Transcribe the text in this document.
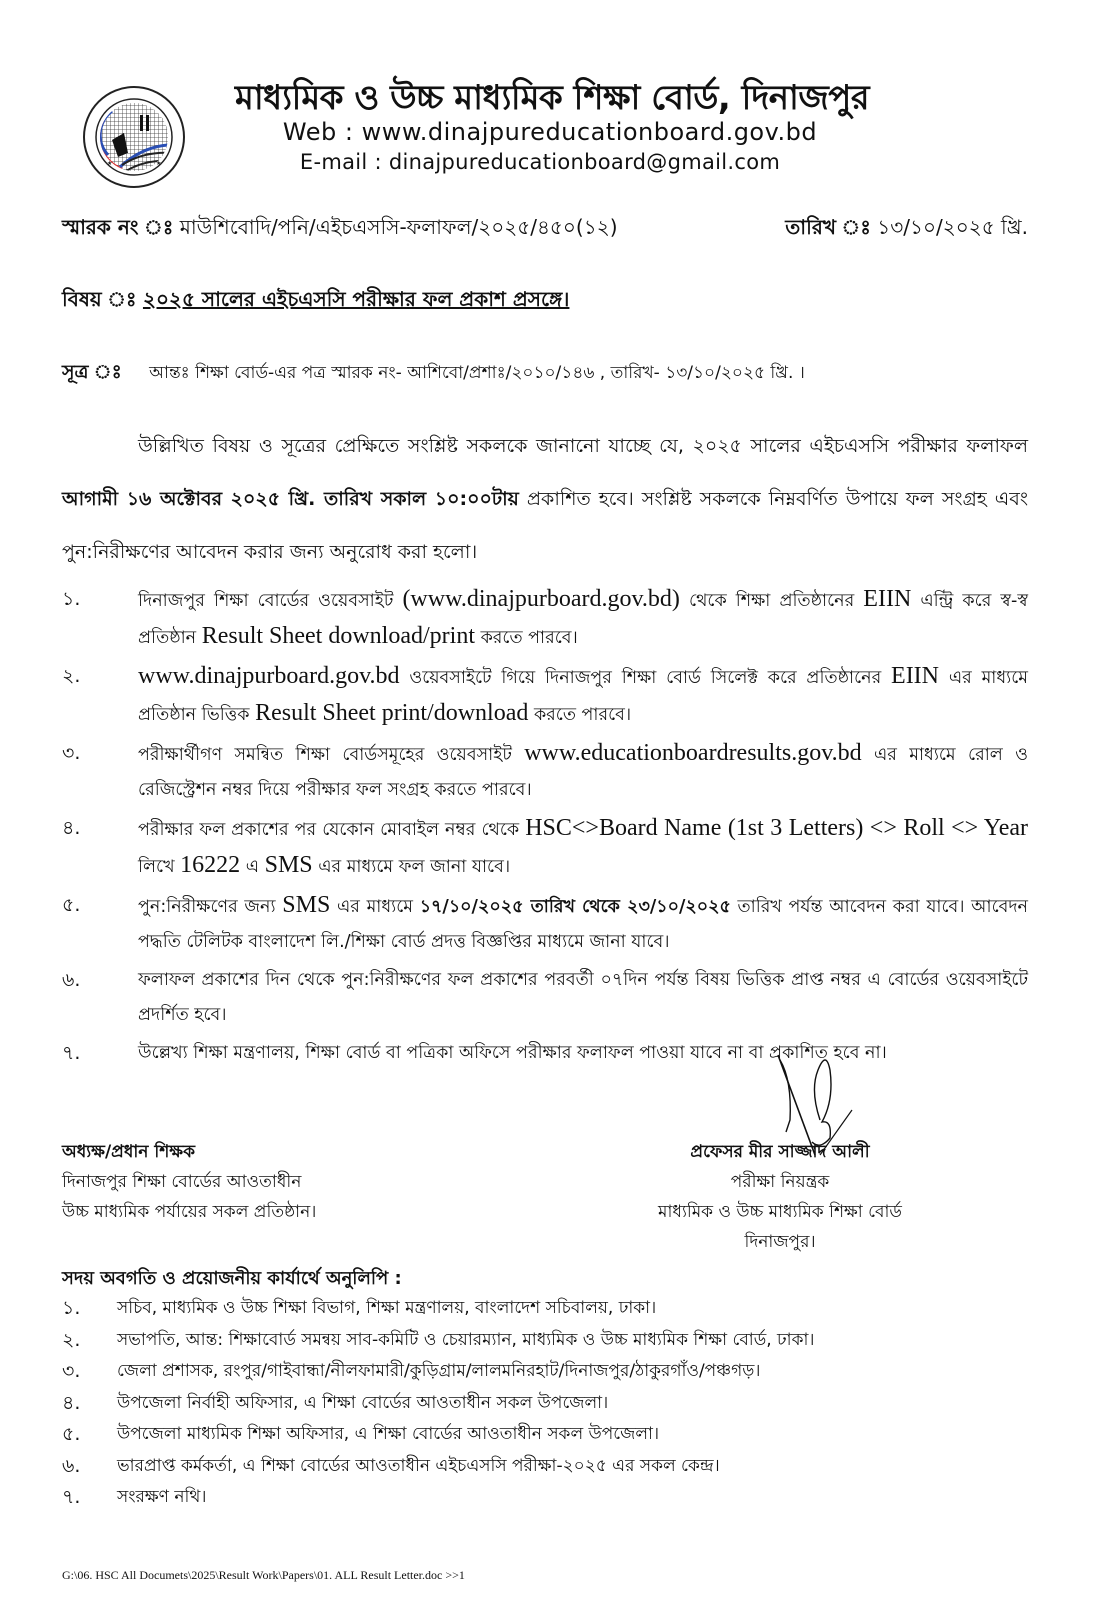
★	★
মাধ্যমিক ও উচ্চ মাধ্যমিক শিক্ষা বোর্ড, দিনাজপুর
Web : www.dinajpureducationboard.gov.bd
E-mail : dinajpureducationboard@gmail.com
স্মারক নং ঃ মাউশিবোদি/পনি/এইচএসসি-ফলাফল/২০২৫/৪৫০(১২)	তারিখ ঃ ১৩/১০/২০২৫ খ্রি.
বিষয় ঃ ২০২৫ সালের এইচএসসি পরীক্ষার ফল প্রকাশ প্রসঙ্গে।
সূত্র ঃ আন্তঃ শিক্ষা বোর্ড-এর পত্র স্মারক নং- আশিবো/প্রশাঃ/২০১০/১৪৬ , তারিখ- ১৩/১০/২০২৫ খ্রি. ।
উল্লিখিত বিষয় ও সূত্রের প্রেক্ষিতে সংশ্লিষ্ট সকলকে জানানো যাচ্ছে যে, ২০২৫ সালের এইচএসসি পরীক্ষার ফলাফল আগামী ১৬ অক্টোবর ২০২৫ খ্রি. তারিখ সকাল ১০:০০টায় প্রকাশিত হবে। সংশ্লিষ্ট সকলকে নিম্নবর্ণিত উপায়ে ফল সংগ্রহ এবং পুন:নিরীক্ষণের আবেদন করার জন্য অনুরোধ করা হলো।
১.	দিনাজপুর শিক্ষা বোর্ডের ওয়েবসাইট (www.dinajpurboard.gov.bd) থেকে শিক্ষা প্রতিষ্ঠানের EIIN এন্ট্রি করে স্ব-স্ব প্রতিষ্ঠান Result Sheet download/print করতে পারবে।
২. www.dinajpurboard.gov.bd ওয়েবসাইটে গিয়ে দিনাজপুর শিক্ষা বোর্ড সিলেক্ট করে প্রতিষ্ঠানের EIIN এর মাধ্যমে প্রতিষ্ঠান ভিত্তিক Result Sheet print/download করতে পারবে।
৩.	পরীক্ষার্থীগণ সমন্বিত শিক্ষা বোর্ডসমূহের ওয়েবসাইট www.educationboardresults.gov.bd এর মাধ্যমে রোল ও রেজিস্ট্রেশন নম্বর দিয়ে পরীক্ষার ফল সংগ্রহ করতে পারবে।
৪.	পরীক্ষার ফল প্রকাশের পর যেকোন মোবাইল নম্বর থেকে HSC<>Board Name (1st 3 Letters) <> Roll <> Year লিখে 16222 এ SMS এর মাধ্যমে ফল জানা যাবে।
৫.	পুন:নিরীক্ষণের জন্য SMS এর মাধ্যমে ১৭/১০/২০২৫ তারিখ থেকে ২৩/১০/২০২৫ তারিখ পর্যন্ত আবেদন করা যাবে। আবেদন পদ্ধতি টেলিটক বাংলাদেশ লি./শিক্ষা বোর্ড প্রদত্ত বিজ্ঞপ্তির মাধ্যমে জানা যাবে।
৬.	ফলাফল প্রকাশের দিন থেকে পুন:নিরীক্ষণের ফল প্রকাশের পরবর্তী ০৭দিন পর্যন্ত বিষয় ভিত্তিক প্রাপ্ত নম্বর এ বোর্ডের ওয়েবসাইটে প্রদর্শিত হবে।
৭.	উল্লেখ্য শিক্ষা মন্ত্রণালয়, শিক্ষা বোর্ড বা পত্রিকা অফিসে পরীক্ষার ফলাফল পাওয়া যাবে না বা প্রকাশিত হবে না।
অধ্যক্ষ/প্রধান শিক্ষক
দিনাজপুর শিক্ষা বোর্ডের আওতাধীন
উচ্চ মাধ্যমিক পর্যায়ের সকল প্রতিষ্ঠান।
প্রফেসর মীর সাজ্জাদ আলী
পরীক্ষা নিয়ন্ত্রক
মাধ্যমিক ও উচ্চ মাধ্যমিক শিক্ষা বোর্ড
দিনাজপুর।
সদয় অবগতি ও প্রয়োজনীয় কার্যার্থে অনুলিপি :
১. সচিব, মাধ্যমিক ও উচ্চ শিক্ষা বিভাগ, শিক্ষা মন্ত্রণালয়, বাংলাদেশ সচিবালয়, ঢাকা।
২. সভাপতি, আন্ত: শিক্ষাবোর্ড সমন্বয় সাব-কমিটি ও চেয়ারম্যান, মাধ্যমিক ও উচ্চ মাধ্যমিক শিক্ষা বোর্ড, ঢাকা।
৩. জেলা প্রশাসক, রংপুর/গাইবান্ধা/নীলফামারী/কুড়িগ্রাম/লালমনিরহাট/দিনাজপুর/ঠাকুরগাঁও/পঞ্চগড়।
৪. উপজেলা নির্বাহী অফিসার, এ শিক্ষা বোর্ডের আওতাধীন সকল উপজেলা।
৫. উপজেলা মাধ্যমিক শিক্ষা অফিসার, এ শিক্ষা বোর্ডের আওতাধীন সকল উপজেলা।
৬. ভারপ্রাপ্ত কর্মকর্তা, এ শিক্ষা বোর্ডের আওতাধীন এইচএসসি পরীক্ষা-২০২৫ এর সকল কেন্দ্র।
৭. সংরক্ষণ নথি।
G:\06. HSC All Documets\2025\Result Work\Papers\01. ALL Result Letter.doc >>1
